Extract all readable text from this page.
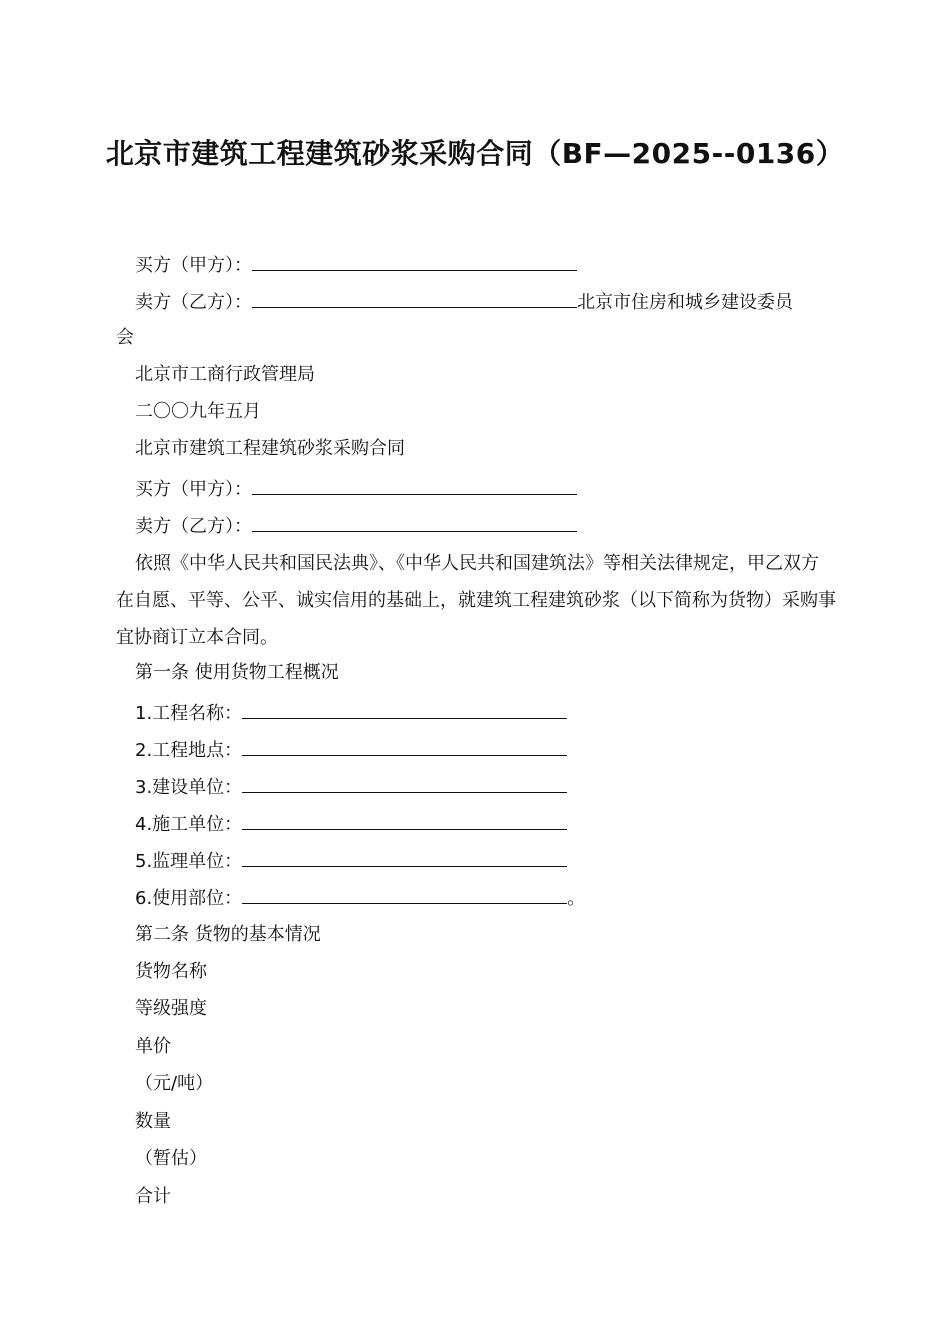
北京市建筑工程建筑砂浆采购合同（BF—2025--0136）
买方（甲方）：
卖方（乙方）：	北京市住房和城乡建设委员
会
北京市工商行政管理局
二〇〇九年五月
北京市建筑工程建筑砂浆采购合同
买方（甲方）：
卖方（乙方）：
依照《中华人民共和国民法典》、《中华人民共和国建筑法》等相关法律规定，甲乙双方在自愿、平等、公平、诚实信用的基础上，就建筑工程建筑砂浆（以下简称为货物）采购事宜协商订立本合同。
第一条 使用货物工程概况
1.工程名称：
2.工程地点：
3.建设单位：
4.施工单位：
5.监理单位：
6.使用部位：	。
第二条 货物的基本情况
货物名称
等级强度
单价
（元/吨）
数量
（暂估）
合计
